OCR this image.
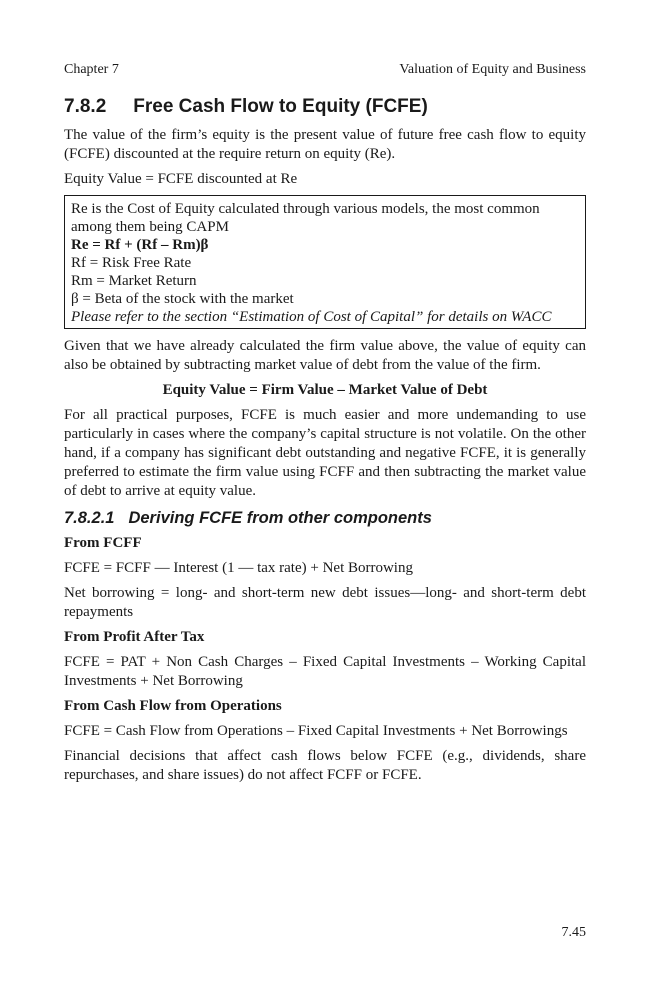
Chapter 7	Valuation of Equity and Business
7.8.2 Free Cash Flow to Equity (FCFE)

The value of the firm’s equity is the present value of future free cash flow to equity (FCFE) discounted at the require return on equity (Re).

Equity Value = FCFE discounted at Re

Re is the Cost of Equity calculated through various models, the most common among them being CAPM
Re = Rf + (Rf – Rm)β
Rf = Risk Free Rate
Rm = Market Return
β = Beta of the stock with the market
Please refer to the section “Estimation of Cost of Capital” for details on WACC

Given that we have already calculated the firm value above, the value of equity can also be obtained by subtracting market value of debt from the value of the firm.

Equity Value = Firm Value – Market Value of Debt

For all practical purposes, FCFE is much easier and more undemanding to use particularly in cases where the company’s capital structure is not volatile. On the other hand, if a company has significant debt outstanding and negative FCFE, it is generally preferred to estimate the firm value using FCFF and then subtracting the market value of debt to arrive at equity value.

7.8.2.1 Deriving FCFE from other components
From FCFF

FCFE = FCFF — Interest (1 — tax rate) + Net Borrowing

Net borrowing = long- and short-term new debt issues—long- and short-term debt repayments

From Profit After Tax

FCFE = PAT + Non Cash Charges – Fixed Capital Investments – Working Capital Investments + Net Borrowing

From Cash Flow from Operations

FCFE = Cash Flow from Operations – Fixed Capital Investments + Net Borrowings

Financial decisions that affect cash flows below FCFE (e.g., dividends, share repurchases, and share issues) do not affect FCFF or FCFE.

7.45
